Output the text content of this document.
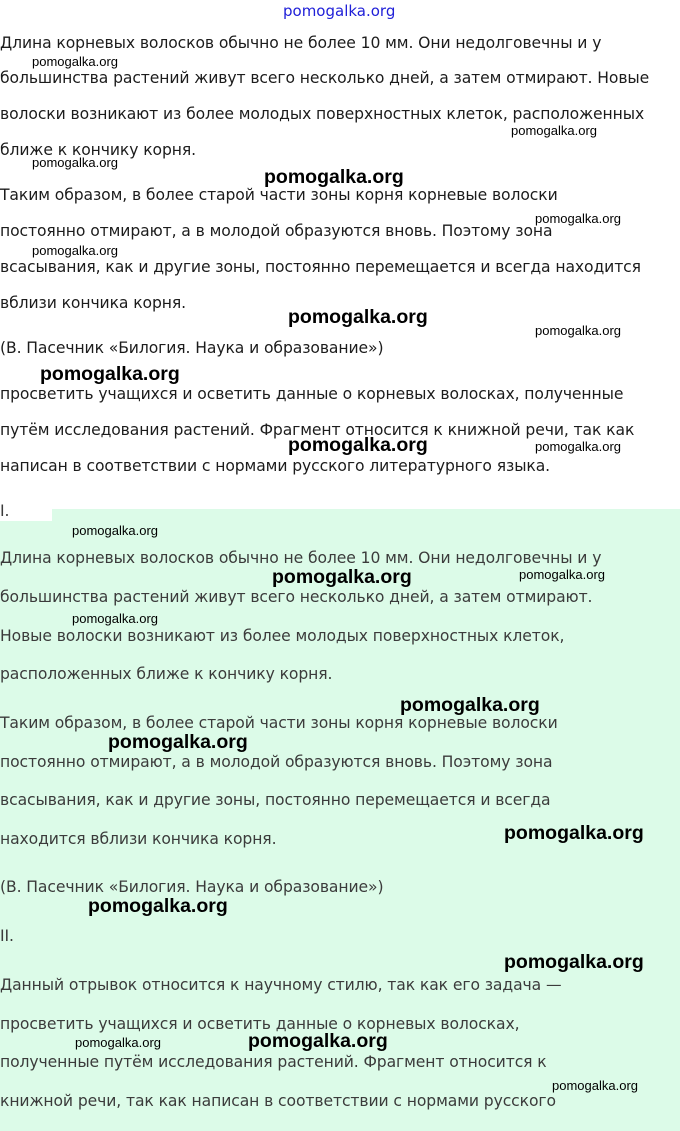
pomogalka.org
Длина корневых волосков обычно не более 10 мм. Они недолговечны и у
большинства растений живут всего несколько дней, а затем отмирают. Новые
волоски возникают из более молодых поверхностных клеток, расположенных
ближе к кончику корня.
Таким образом, в более старой части зоны корня корневые волоски
постоянно отмирают, а в молодой образуются вновь. Поэтому зона
всасывания, как и другие зоны, постоянно перемещается и всегда находится
вблизи кончика корня.
(В. Пасечник «Билогия. Наука и образование»)
просветить учащихся и осветить данные о корневых волосках, полученные
путём исследования растений. Фрагмент относится к книжной речи, так как
написан в соответствии с нормами русского литературного языка.
I.
Длина корневых волосков обычно не более 10 мм. Они недолговечны и у
большинства растений живут всего несколько дней, а затем отмирают.
Новые волоски возникают из более молодых поверхностных клеток,
расположенных ближе к кончику корня.
Таким образом, в более старой части зоны корня корневые волоски
постоянно отмирают, а в молодой образуются вновь. Поэтому зона
всасывания, как и другие зоны, постоянно перемещается и всегда
находится вблизи кончика корня.
(В. Пасечник «Билогия. Наука и образование»)
II.
Данный отрывок относится к научному стилю, так как его задача —
просветить учащихся и осветить данные о корневых волосках,
полученные путём исследования растений. Фрагмент относится к
книжной речи, так как написан в соответствии с нормами русского
pomogalka.org
pomogalka.org
pomogalka.org
pomogalka.org
pomogalka.org
pomogalka.org
pomogalka.org
pomogalka.org
pomogalka.org
pomogalka.org
pomogalka.org
pomogalka.org
pomogalka.org
pomogalka.org
pomogalka.org
pomogalka.org
pomogalka.org
pomogalka.org
pomogalka.org
pomogalka.org
pomogalka.org
pomogalka.org
pomogalka.org
